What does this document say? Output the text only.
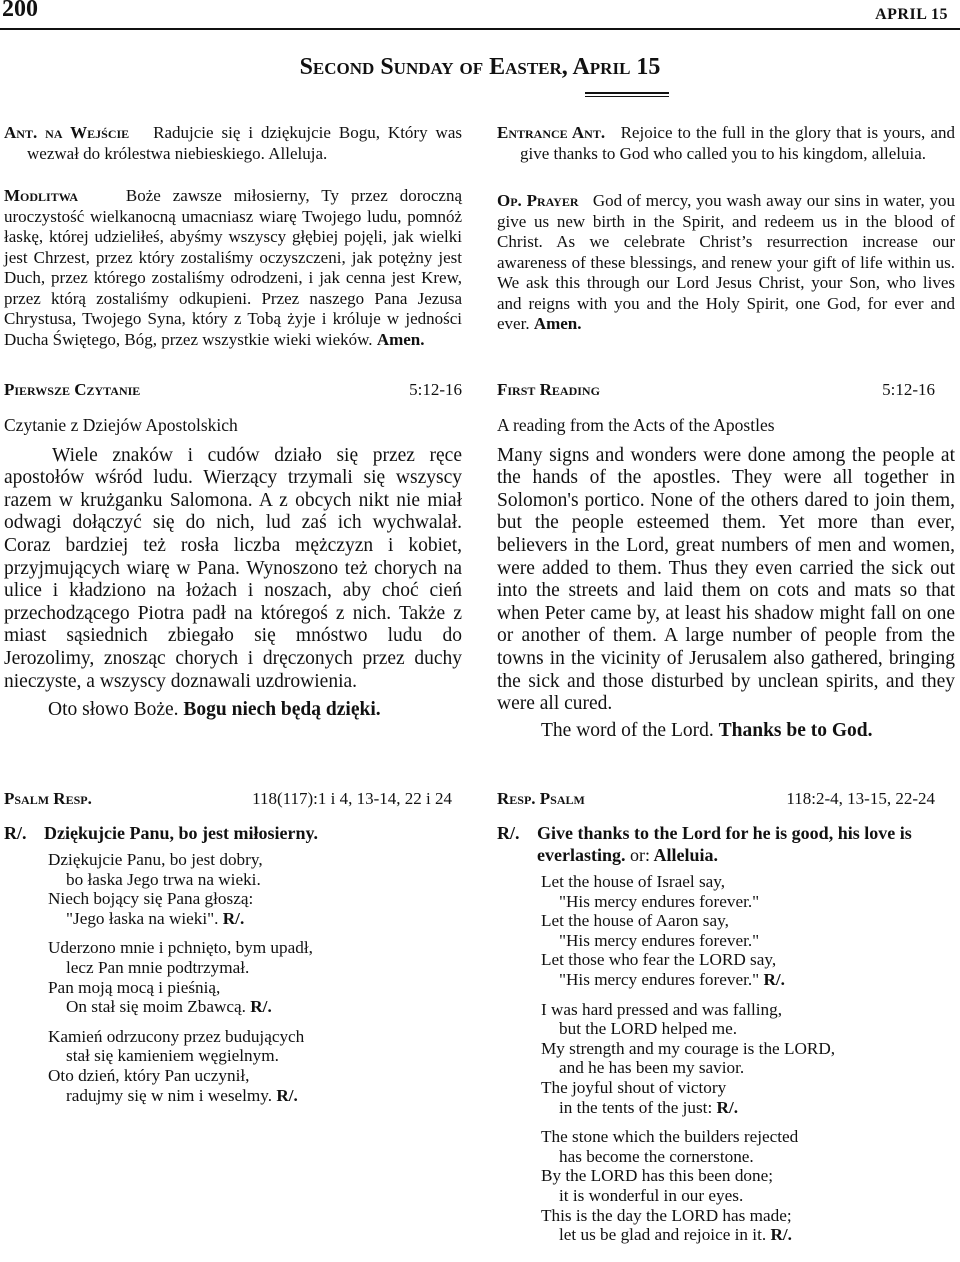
200	APRIL 15
Second Sunday of Easter, April 15

Ant. na Wejście Radujcie się i dziękujcie Bogu, Który was wezwał do królestwa niebieskiego. Alleluja.

Modlitwa	Boże zawsze miłosierny, Ty przez doroczną uroczystość wielkanocną umacniasz wiarę Twojego ludu, pomnóż łaskę, której udzieliłeś, abyśmy wszyscy głębiej pojęli, jak wielki jest Chrzest, przez który zostaliśmy oczyszczeni, jak potężny jest Duch, przez którego zostaliśmy odrodzeni, i jak cenna jest Krew, przez którą zostaliśmy odkupieni. Przez naszego Pana Jezusa Chrystusa, Twojego Syna, który z Tobą żyje i króluje w jedności Ducha Świętego, Bóg, przez wszystkie wieki wieków. Amen.

Pierwsze Czytanie	5:12-16

Czytanie z Dziejów Apostolskich

Wiele znaków i cudów działo się przez ręce apostołów wśród ludu. Wierzący trzymali się wszyscy razem w krużganku Salomona. A z obcych nikt nie miał odwagi dołączyć się do nich, lud zaś ich wychwalał. Coraz bardziej też rosła liczba mężczyzn i kobiet, przyjmujących wiarę w Pana. Wynoszono też chorych na ulice i kładziono na łożach i noszach, aby choć cień przechodzącego Piotra padł na któregoś z nich. Także z miast sąsiednich zbiegało się mnóstwo ludu do Jerozolimy, znosząc chorych i dręczonych przez duchy nieczyste, a wszyscy doznawali uzdrowienia.

Oto słowo Boże. Bogu niech będą dzięki.

Psalm Resp.	118(117):1 i 4, 13-14, 22 i 24
R/. Dziękujcie Panu, bo jest miłosierny.

Dziękujcie Panu, bo jest dobry,

bo łaska Jego trwa na wieki.

Niech bojący się Pana głoszą:

"Jego łaska na wieki". R/.

Uderzono mnie i pchnięto, bym upadł,

lecz Pan mnie podtrzymał.

Pan moją mocą i pieśnią,

On stał się moim Zbawcą. R/.

Kamień odrzucony przez budujących

stał się kamieniem węgielnym.

Oto dzień, który Pan uczynił,

radujmy się w nim i weselmy. R/.

Entrance Ant. Rejoice to the full in the glory that is yours, and give thanks to God who called you to his kingdom, alleluia.

Op. Prayer God of mercy, you wash away our sins in water, you give us new birth in the Spirit, and redeem us in the blood of Christ. As we celebrate Christ’s resurrection increase our awareness of these blessings, and renew your gift of life within us. We ask this through our Lord Jesus Christ, your Son, who lives and reigns with you and the Holy Spirit, one God, for ever and ever. Amen.

First Reading	5:12-16

A reading from the Acts of the Apostles

Many signs and wonders were done among the people at the hands of the apostles. They were all together in Solomon's portico. None of the others dared to join them, but the people esteemed them. Yet more than ever, believers in the Lord, great numbers of men and women, were added to them. Thus they even carried the sick out into the streets and laid them on cots and mats so that when Peter came by, at least his shadow might fall on one or another of them. A large number of people from the towns in the vicinity of Jerusalem also gathered, bringing the sick and those disturbed by unclean spirits, and they were all cured.

The word of the Lord. Thanks be to God.

Resp. Psalm	118:2-4, 13-15, 22-24
R/. Give thanks to the Lord for he is good, his love is everlasting. or: Alleluia.

Let the house of Israel say,

"His mercy endures forever."

Let the house of Aaron say,

"His mercy endures forever."

Let those who fear the LORD say,

"His mercy endures forever." R/.

I was hard pressed and was falling,

but the LORD helped me.

My strength and my courage is the LORD,

and he has been my savior.

The joyful shout of victory

in the tents of the just: R/.

The stone which the builders rejected

has become the cornerstone.

By the LORD has this been done;

it is wonderful in our eyes.

This is the day the LORD has made;

let us be glad and rejoice in it. R/.
